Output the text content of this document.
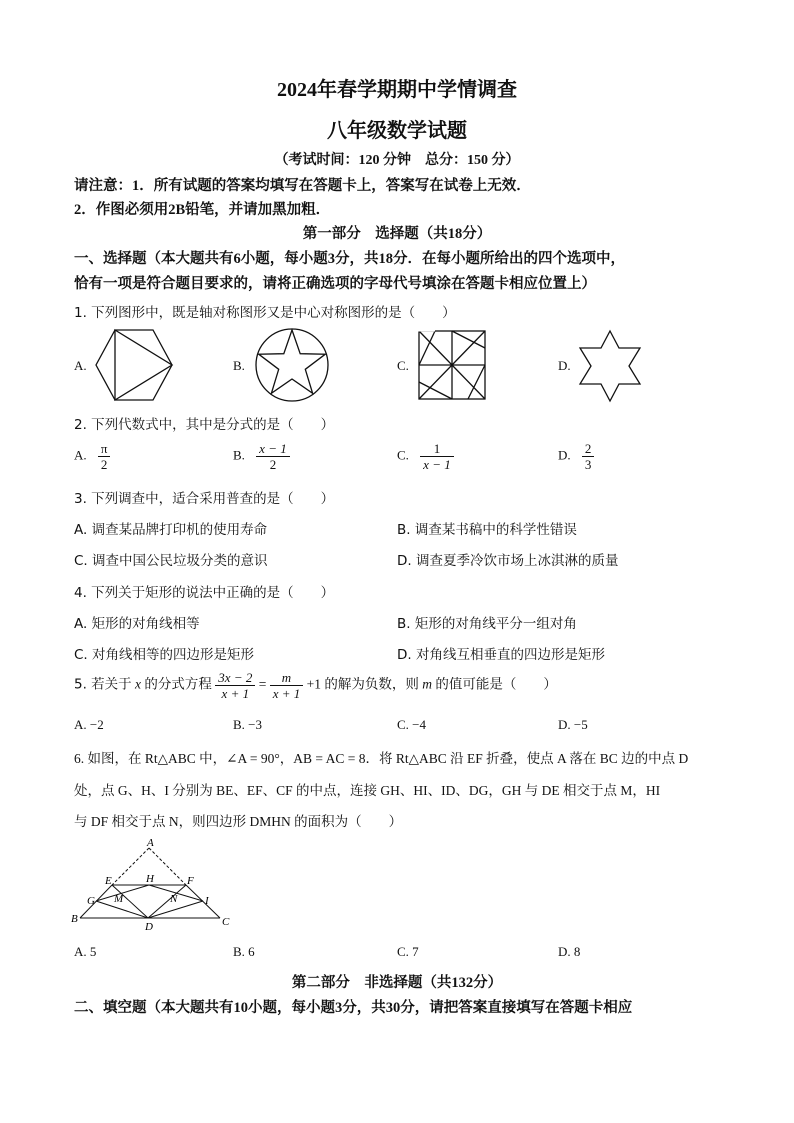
2024年春学期期中学情调查
八年级数学试题
（考试时间：120 分钟　总分：150 分）
请注意：1．所有试题的答案均填写在答题卡上，答案写在试卷上无效．
2．作图必须用2B铅笔，并请加黑加粗．
第一部分　选择题（共18分）
一、选择题（本大题共有6小题，每小题3分，共18分．在每小题所给出的四个选项中，
恰有一项是符合题目要求的，请将正确选项的字母代号填涂在答题卡相应位置上）
1. 下列图形中，既是轴对称图形又是中心对称图形的是（　　）
A.	B.	C.	D.
2. 下列代数式中，其中是分式的是（　　）
A. $\frac{\pi}{2}$	B. $\frac{x - 1}{2}$	C. $\frac{1}{x - 1}$	D. $\frac{2}{3}$
3. 下列调查中，适合采用普查的是（　　）
A. 调查某品牌打印机的使用寿命	B. 调查某书稿中的科学性错误
C. 调查中国公民垃圾分类的意识	D. 调查夏季冷饮市场上冰淇淋的质量
4. 下列关于矩形的说法中正确的是（　　）
A. 矩形的对角线相等	B. 矩形的对角线平分一组对角
C. 对角线相等的四边形是矩形	D. 对角线互相垂直的四边形是矩形
5. 若关于 x 的分式方程 $\frac{3x - 2}{x + 1} = \frac{m}{x + 1} +1$ 的解为负数，则 m 的值可能是（　　）
A. −2	B. −3	C. −4	D. −5
6. 如图，在 Rt△ABC 中，∠A = 90°，AB = AC = 8．将 Rt△ABC 沿 EF 折叠，使点 A 落在 BC 边的中点 D
处，点 G、H、I 分别为 BE、EF、CF 的中点，连接 GH、HI、ID、DG，GH 与 DE 相交于点 M，HI
与 DF 相交于点 N，则四边形 DMHN 的面积为（　　）
A
E	H	F
G M	N	I
B
D	C
A. 5	B. 6	C. 7	D. 8
第二部分　非选择题（共132分）
二、填空题（本大题共有10小题，每小题3分，共30分，请把答案直接填写在答题卡相应
